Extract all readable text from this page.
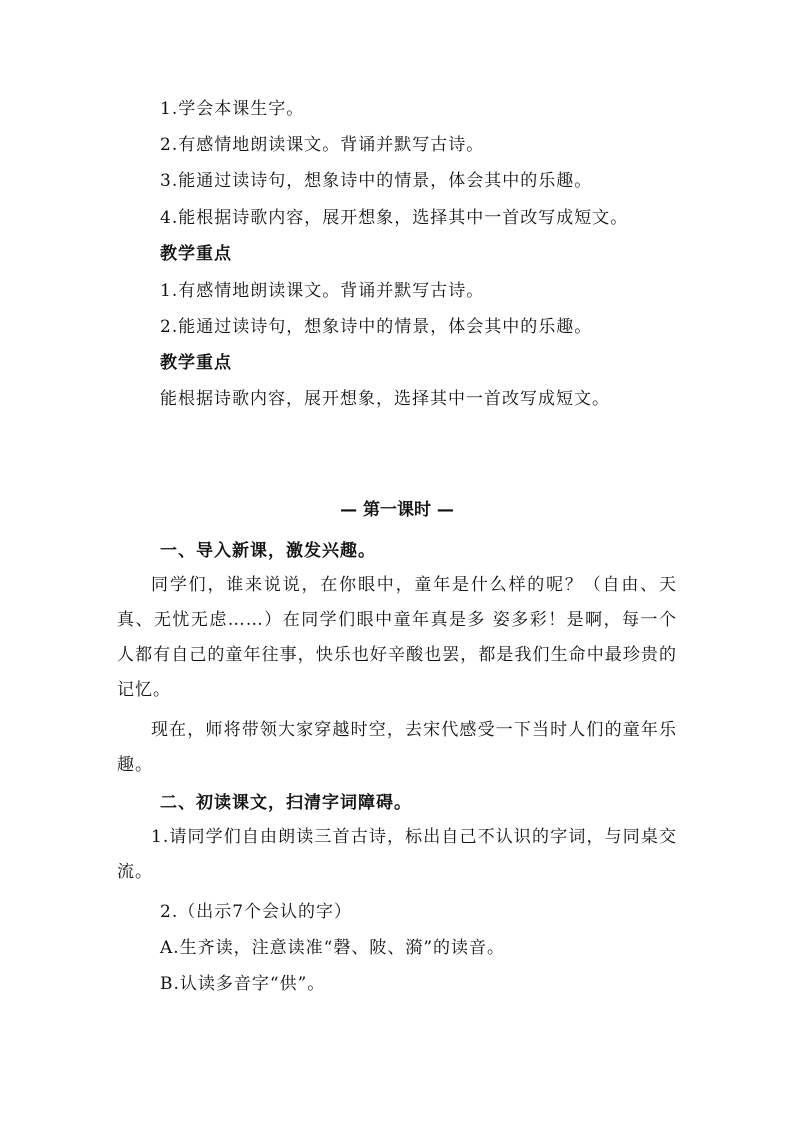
1.学会本课生字。
2.有感情地朗读课文。背诵并默写古诗。
3.能通过读诗句，想象诗中的情景，体会其中的乐趣。
4.能根据诗歌内容，展开想象，选择其中一首改写成短文。
教学重点
1.有感情地朗读课文。背诵并默写古诗。
2.能通过读诗句，想象诗中的情景，体会其中的乐趣。
教学重点
能根据诗歌内容，展开想象，选择其中一首改写成短文。
— 第一课时 —
一、导入新课，激发兴趣。
同学们，谁来说说，在你眼中，童年是什么样的呢？（自由、天真、无忧无虑……）在同学们眼中童年真是多 姿多彩！是啊，每一个人都有自己的童年往事，快乐也好辛酸也罢，都是我们生命中最珍贵的记忆。
现在，师将带领大家穿越时空，去宋代感受一下当时人们的童年乐趣。
二、初读课文，扫清字词障碍。
1.请同学们自由朗读三首古诗，标出自己不认识的字词，与同桌交流。
2.（出示7个会认的字）
A.生齐读，注意读准“磬、陂、漪”的读音。
B.认读多音字“供”。
